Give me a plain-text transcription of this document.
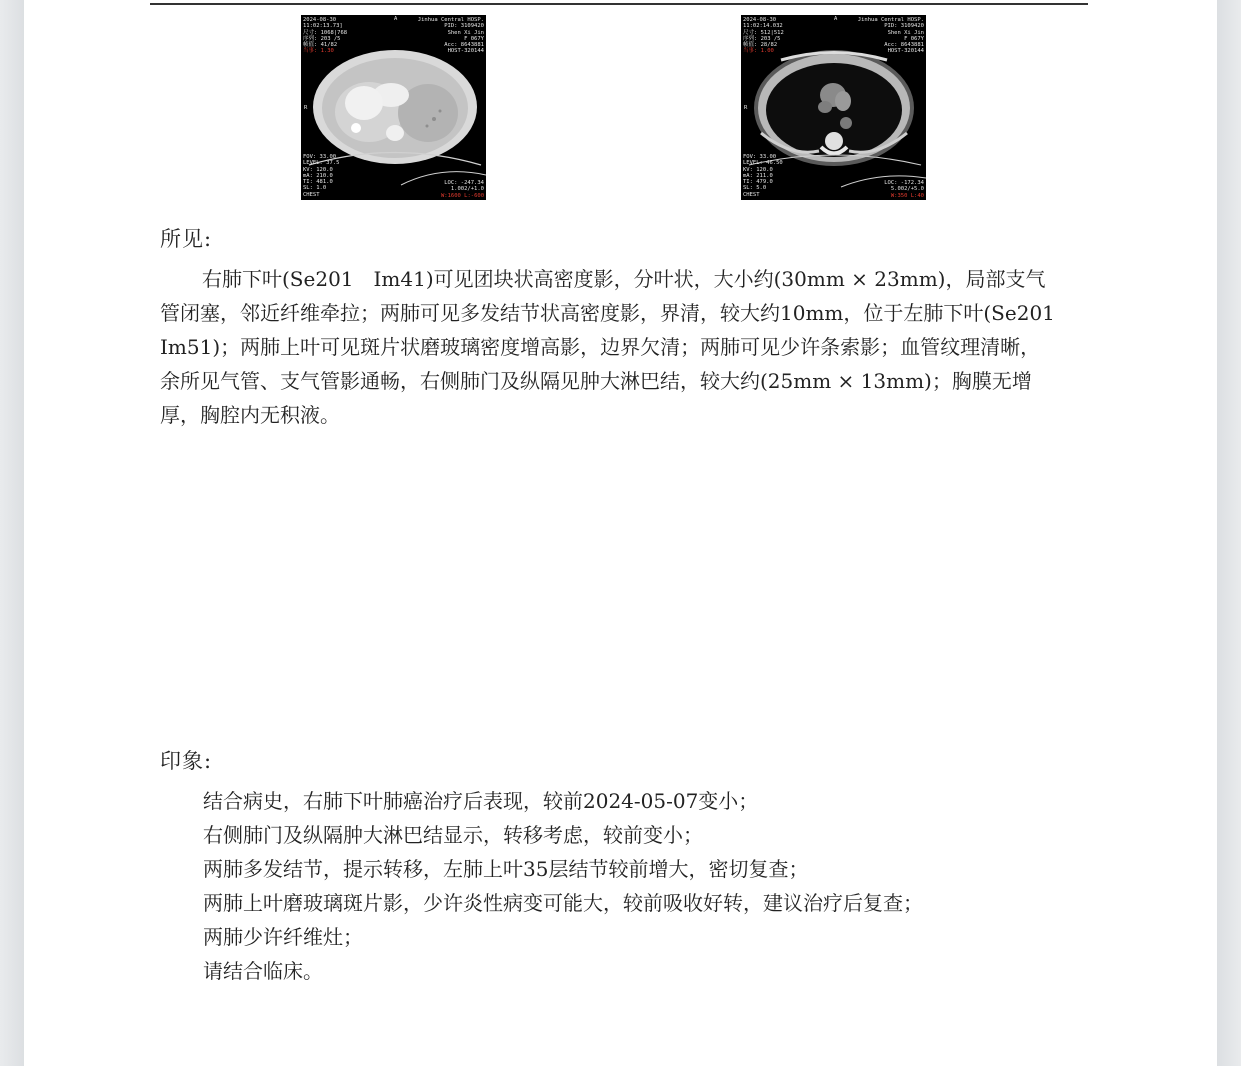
2024-08-30
11:02:13.73]
尺寸: 1068|768
序列: 203 /5
帧值: 41/82
当事: 1.30
Jinhua Central HOSP.
PID: 3109420
Shen Xi Jin
F 067Y
Acc: 8643881
HOST-320144
R
A
FOV: 33.00
LEVEL: 37.5
KV: 120.0
mA: 210.0
TI: 481.0
SL: 1.0
CHEST
LOC: -247.34
1.002/+1.0
W:1600 L:-600
2024-08-30
11:02:14.032
尺寸: 512|512
序列: 203 /5
帧值: 28/82
当事: 1.00
Jinhua Central HOSP.
PID: 3109420
Shen Xi Jin
F 067Y
Acc: 8643881
HOST-320144
R
A
FOV: 33.00
LEVEL: 46.50
KV: 120.0
mA: 211.0
TI: 479.0
SL: 5.0
CHEST
LOC: -172.34
5.002/+5.0
W:350 L:40
所见:
右肺下叶(Se201　Im41)可见团块状高密度影，分叶状，大小约(30mm × 23mm)，局部支气管闭塞，邻近纤维牵拉；两肺可见多发结节状高密度影，界清，较大约10mm，位于左肺下叶(Se201　Im51)；两肺上叶可见斑片状磨玻璃密度增高影，边界欠清；两肺可见少许条索影；血管纹理清晰，余所见气管、支气管影通畅，右侧肺门及纵隔见肿大淋巴结，较大约(25mm × 13mm)；胸膜无增厚，胸腔内无积液。
印象:
结合病史，右肺下叶肺癌治疗后表现，较前2024-05-07变小；
右侧肺门及纵隔肿大淋巴结显示，转移考虑，较前变小；
两肺多发结节，提示转移，左肺上叶35层结节较前增大，密切复查；
两肺上叶磨玻璃斑片影，少许炎性病变可能大，较前吸收好转，建议治疗后复查；
两肺少许纤维灶；
请结合临床。
